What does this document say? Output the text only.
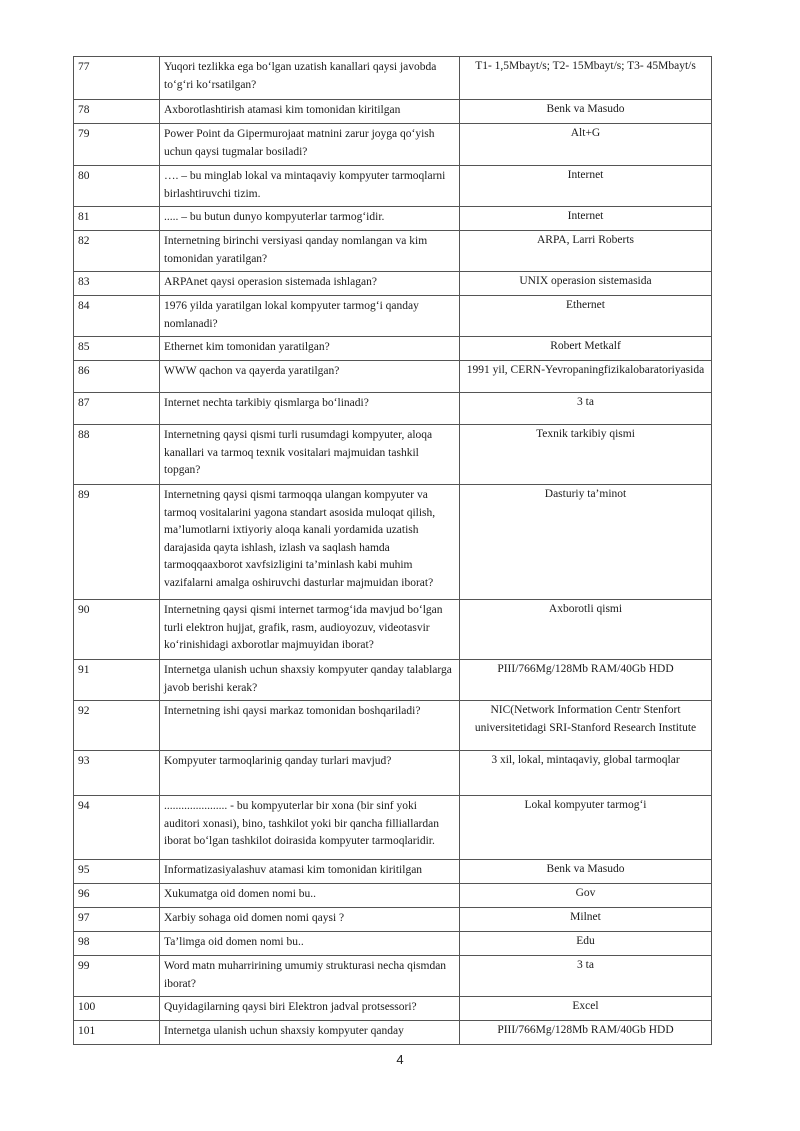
77	Yuqori tezlikka ega bo‘lgan uzatish kanallari qaysi javobda to‘g‘ri ko‘rsatilgan?	T1- 1,5Mbayt/s; T2- 15Mbayt/s; T3- 45Mbayt/s
78	Axborotlashtirish atamasi kim tomonidan kiritilgan	Benk va Masudo
79	Power Point da Gipermurojaat matnini zarur joyga qo‘yish uchun qaysi tugmalar bosiladi?	Alt+G
80	…. – bu minglab lokal va mintaqaviy kompyuter tarmoqlarni birlashtiruvchi tizim.	Internet
81	..... – bu butun dunyo kompyuterlar tarmog‘idir.	Internet
82	Internetning birinchi versiyasi qanday nomlangan va kim tomonidan yaratilgan?	ARPA, Larri Roberts
83	ARPAnet qaysi operasion sistemada ishlagan?	UNIX operasion sistemasida
84	1976 yilda yaratilgan lokal kompyuter tarmog‘i qanday nomlanadi?	Ethernet
85	Ethernet kim tomonidan yaratilgan?	Robert Metkalf
86	WWW qachon va qayerda yaratilgan?	1991 yil, CERN-Yevropaningfizikalobaratoriyasida
87	Internet nechta tarkibiy qismlarga bo‘linadi?	3 ta
88	Internetning qaysi qismi turli rusumdagi kompyuter, aloqa kanallari va tarmoq texnik vositalari majmuidan tashkil topgan?	Texnik tarkibiy qismi
89	Internetning qaysi qismi tarmoqqa ulangan kompyuter va tarmoq vositalarini yagona standart asosida muloqat qilish, ma’lumotlarni ixtiyoriy aloqa kanali yordamida uzatish darajasida qayta ishlash, izlash va saqlash hamda tarmoqqaaxborot xavfsizligini ta’minlash kabi muhim vazifalarni amalga oshiruvchi dasturlar majmuidan iborat?	Dasturiy ta’minot
90	Internetning qaysi qismi internet tarmog‘ida mavjud bo‘lgan turli elektron hujjat, grafik, rasm, audioyozuv, videotasvir ko‘rinishidagi axborotlar majmuyidan iborat?	Axborotli qismi
91	Internetga ulanish uchun shaxsiy kompyuter qanday talablarga javob berishi kerak?	PIII/766Mg/128Mb RAM/40Gb HDD
92	Internetning ishi qaysi markaz tomonidan boshqariladi?	NIC(Network Information Centr Stenfort universitetidagi SRI-Stanford Research Institute
93	Kompyuter tarmoqlarinig qanday turlari mavjud?	3 xil, lokal, mintaqaviy, global tarmoqlar
94	...................... - bu kompyuterlar bir xona (bir sinf yoki auditori xonasi), bino, tashkilot yoki bir qancha filliallardan iborat bo‘lgan tashkilot doirasida kompyuter tarmoqlaridir.	Lokal kompyuter tarmog‘i
95	Informatizasiyalashuv atamasi kim tomonidan kiritilgan	Benk va Masudo
96	Xukumatga oid domen nomi bu..	Gov
97	Xarbiy sohaga oid domen nomi qaysi ?	Milnet
98	Ta’limga oid domen nomi bu..	Edu
99	Word matn muharririning umumiy strukturasi necha qismdan iborat?	3 ta
100	Quyidagilarning qaysi biri Elektron jadval protsessori?	Excel
101	Internetga ulanish uchun shaxsiy kompyuter qanday	PIII/766Mg/128Mb RAM/40Gb HDD
4
